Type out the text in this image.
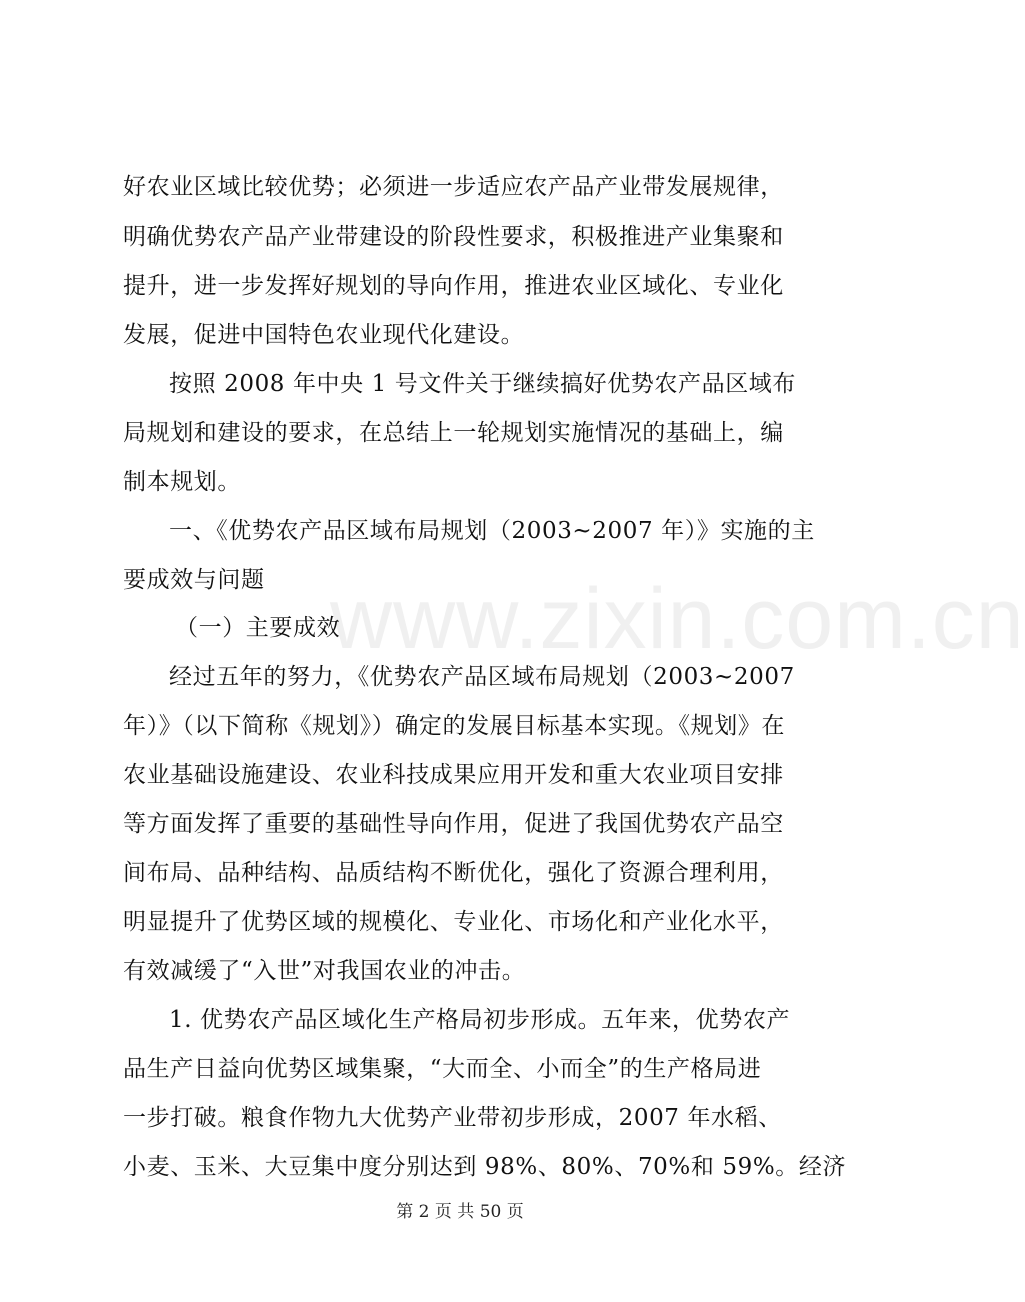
www.zixin.com.cn
好农业区域比较优势；必须进一步适应农产品产业带发展规律，
明确优势农产品产业带建设的阶段性要求，积极推进产业集聚和
提升，进一步发挥好规划的导向作用，推进农业区域化、专业化
发展，促进中国特色农业现代化建设。
按照 2008 年中央 1 号文件关于继续搞好优势农产品区域布
局规划和建设的要求，在总结上一轮规划实施情况的基础上，编
制本规划。
一、《优势农产品区域布局规划（2003~2007 年）》实施的主
要成效与问题
（一）主要成效
经过五年的努力，《优势农产品区域布局规划（2003~2007
年）》（以下简称《规划》）确定的发展目标基本实现。《规划》在
农业基础设施建设、农业科技成果应用开发和重大农业项目安排
等方面发挥了重要的基础性导向作用，促进了我国优势农产品空
间布局、品种结构、品质结构不断优化，强化了资源合理利用，
明显提升了优势区域的规模化、专业化、市场化和产业化水平，
有效减缓了“入世”对我国农业的冲击。
1. 优势农产品区域化生产格局初步形成。五年来，优势农产
品生产日益向优势区域集聚，“大而全、小而全”的生产格局进
一步打破。粮食作物九大优势产业带初步形成，2007 年水稻、
小麦、玉米、大豆集中度分别达到 98%、80%、70%和 59%。经济
第 2 页 共 50 页
